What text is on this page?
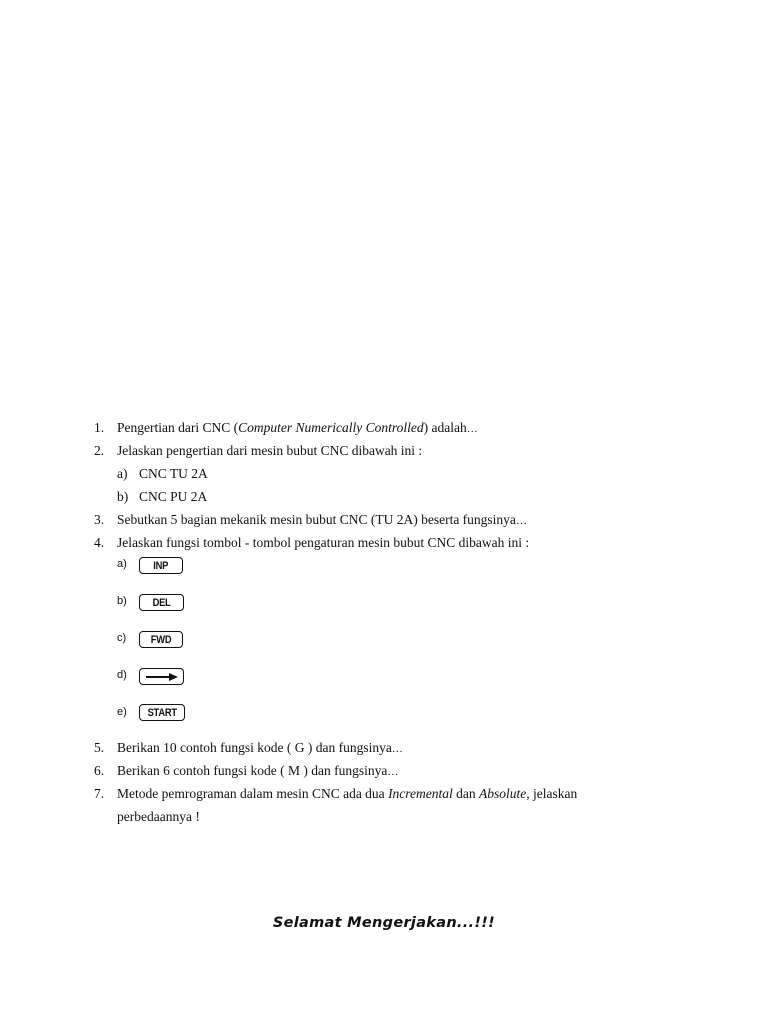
1. Pengertian dari CNC (Computer Numerically Controlled) adalah…
2. Jelaskan pengertian dari mesin bubut CNC dibawah ini :
a) CNC TU 2A
b) CNC PU 2A
3. Sebutkan 5 bagian mekanik mesin bubut CNC (TU 2A) beserta fungsinya…
4. Jelaskan fungsi tombol - tombol pengaturan mesin bubut CNC dibawah ini :
a) INP
b) DEL
c) FWD
d)
e) START
5. Berikan 10 contoh fungsi kode ( G ) dan fungsinya…
6. Berikan 6 contoh fungsi kode ( M ) dan fungsinya…
7. Metode pemrograman dalam mesin CNC ada dua Incremental dan Absolute, jelaskan
perbedaannya !
Selamat Mengerjakan...!!!
